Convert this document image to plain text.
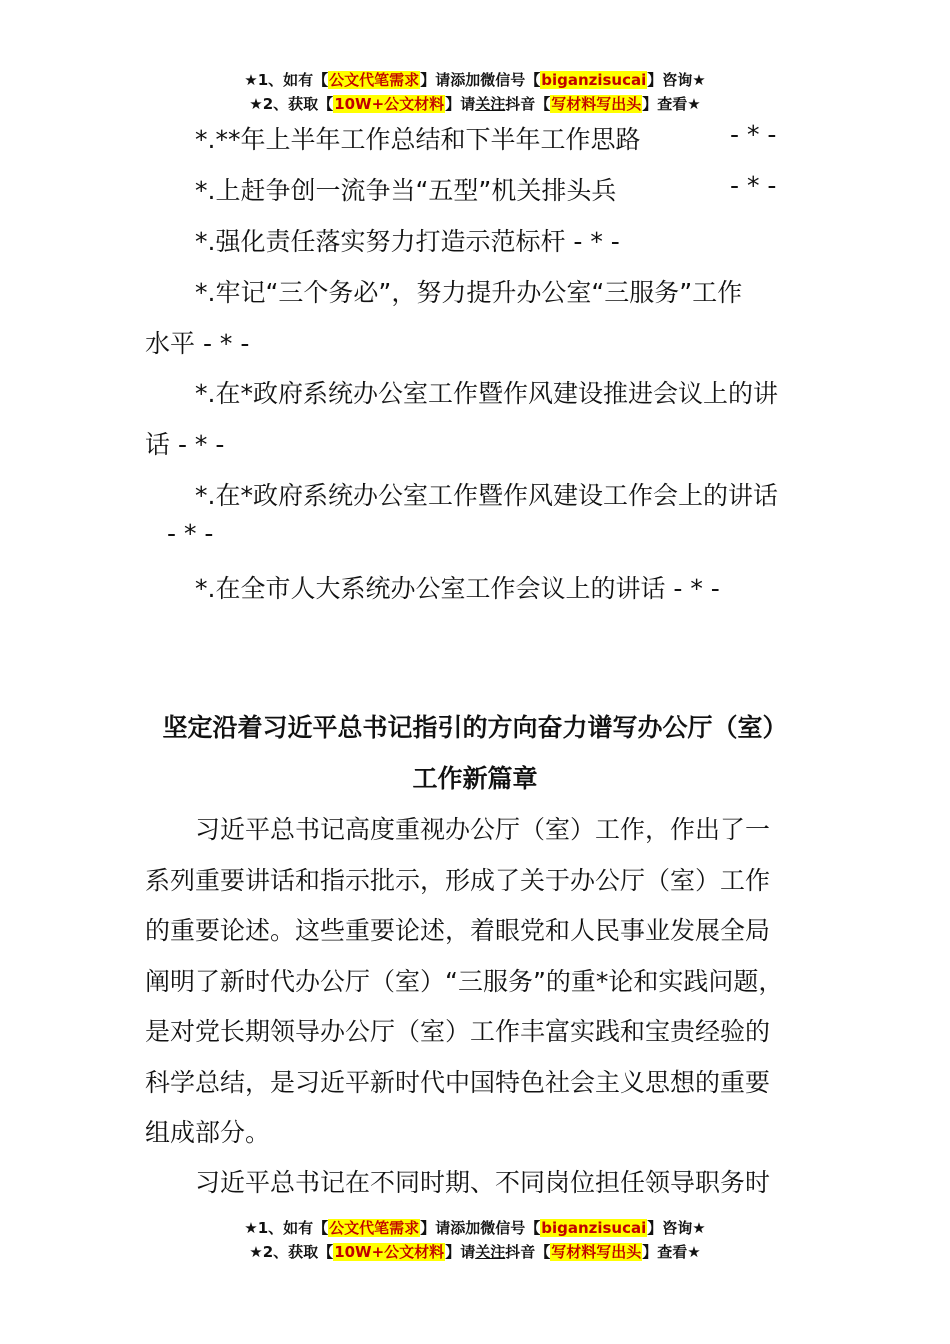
★1、如有【公文代笔需求】请添加微信号【biganzisucai】咨询★
★2、获取【10W+公文材料】请关注抖音【写材料写出头】查看★
*.**年上半年工作总结和下半年工作思路	- * -
*.上赶争创一流争当“五型”机关排头兵	- * -
*.强化责任落实努力打造示范标杆 - * -
*.牢记“三个务必”，努力提升办公室“三服务”工作
水平 - * -
*.在*政府系统办公室工作暨作风建设推进会议上的讲
话 - * -
*.在*政府系统办公室工作暨作风建设工作会上的讲话
- * -
*.在全市人大系统办公室工作会议上的讲话 - * -
坚定沿着习近平总书记指引的方向奋力谱写办公厅（室）
工作新篇章
习近平总书记高度重视办公厅（室）工作，作出了一
系列重要讲话和指示批示，形成了关于办公厅（室）工作
的重要论述。这些重要论述，着眼党和人民事业发展全局
阐明了新时代办公厅（室）“三服务”的重*论和实践问题，
是对党长期领导办公厅（室）工作丰富实践和宝贵经验的
科学总结，是习近平新时代中国特色社会主义思想的重要
组成部分。
习近平总书记在不同时期、不同岗位担任领导职务时
★1、如有【公文代笔需求】请添加微信号【biganzisucai】咨询★
★2、获取【10W+公文材料】请关注抖音【写材料写出头】查看★
